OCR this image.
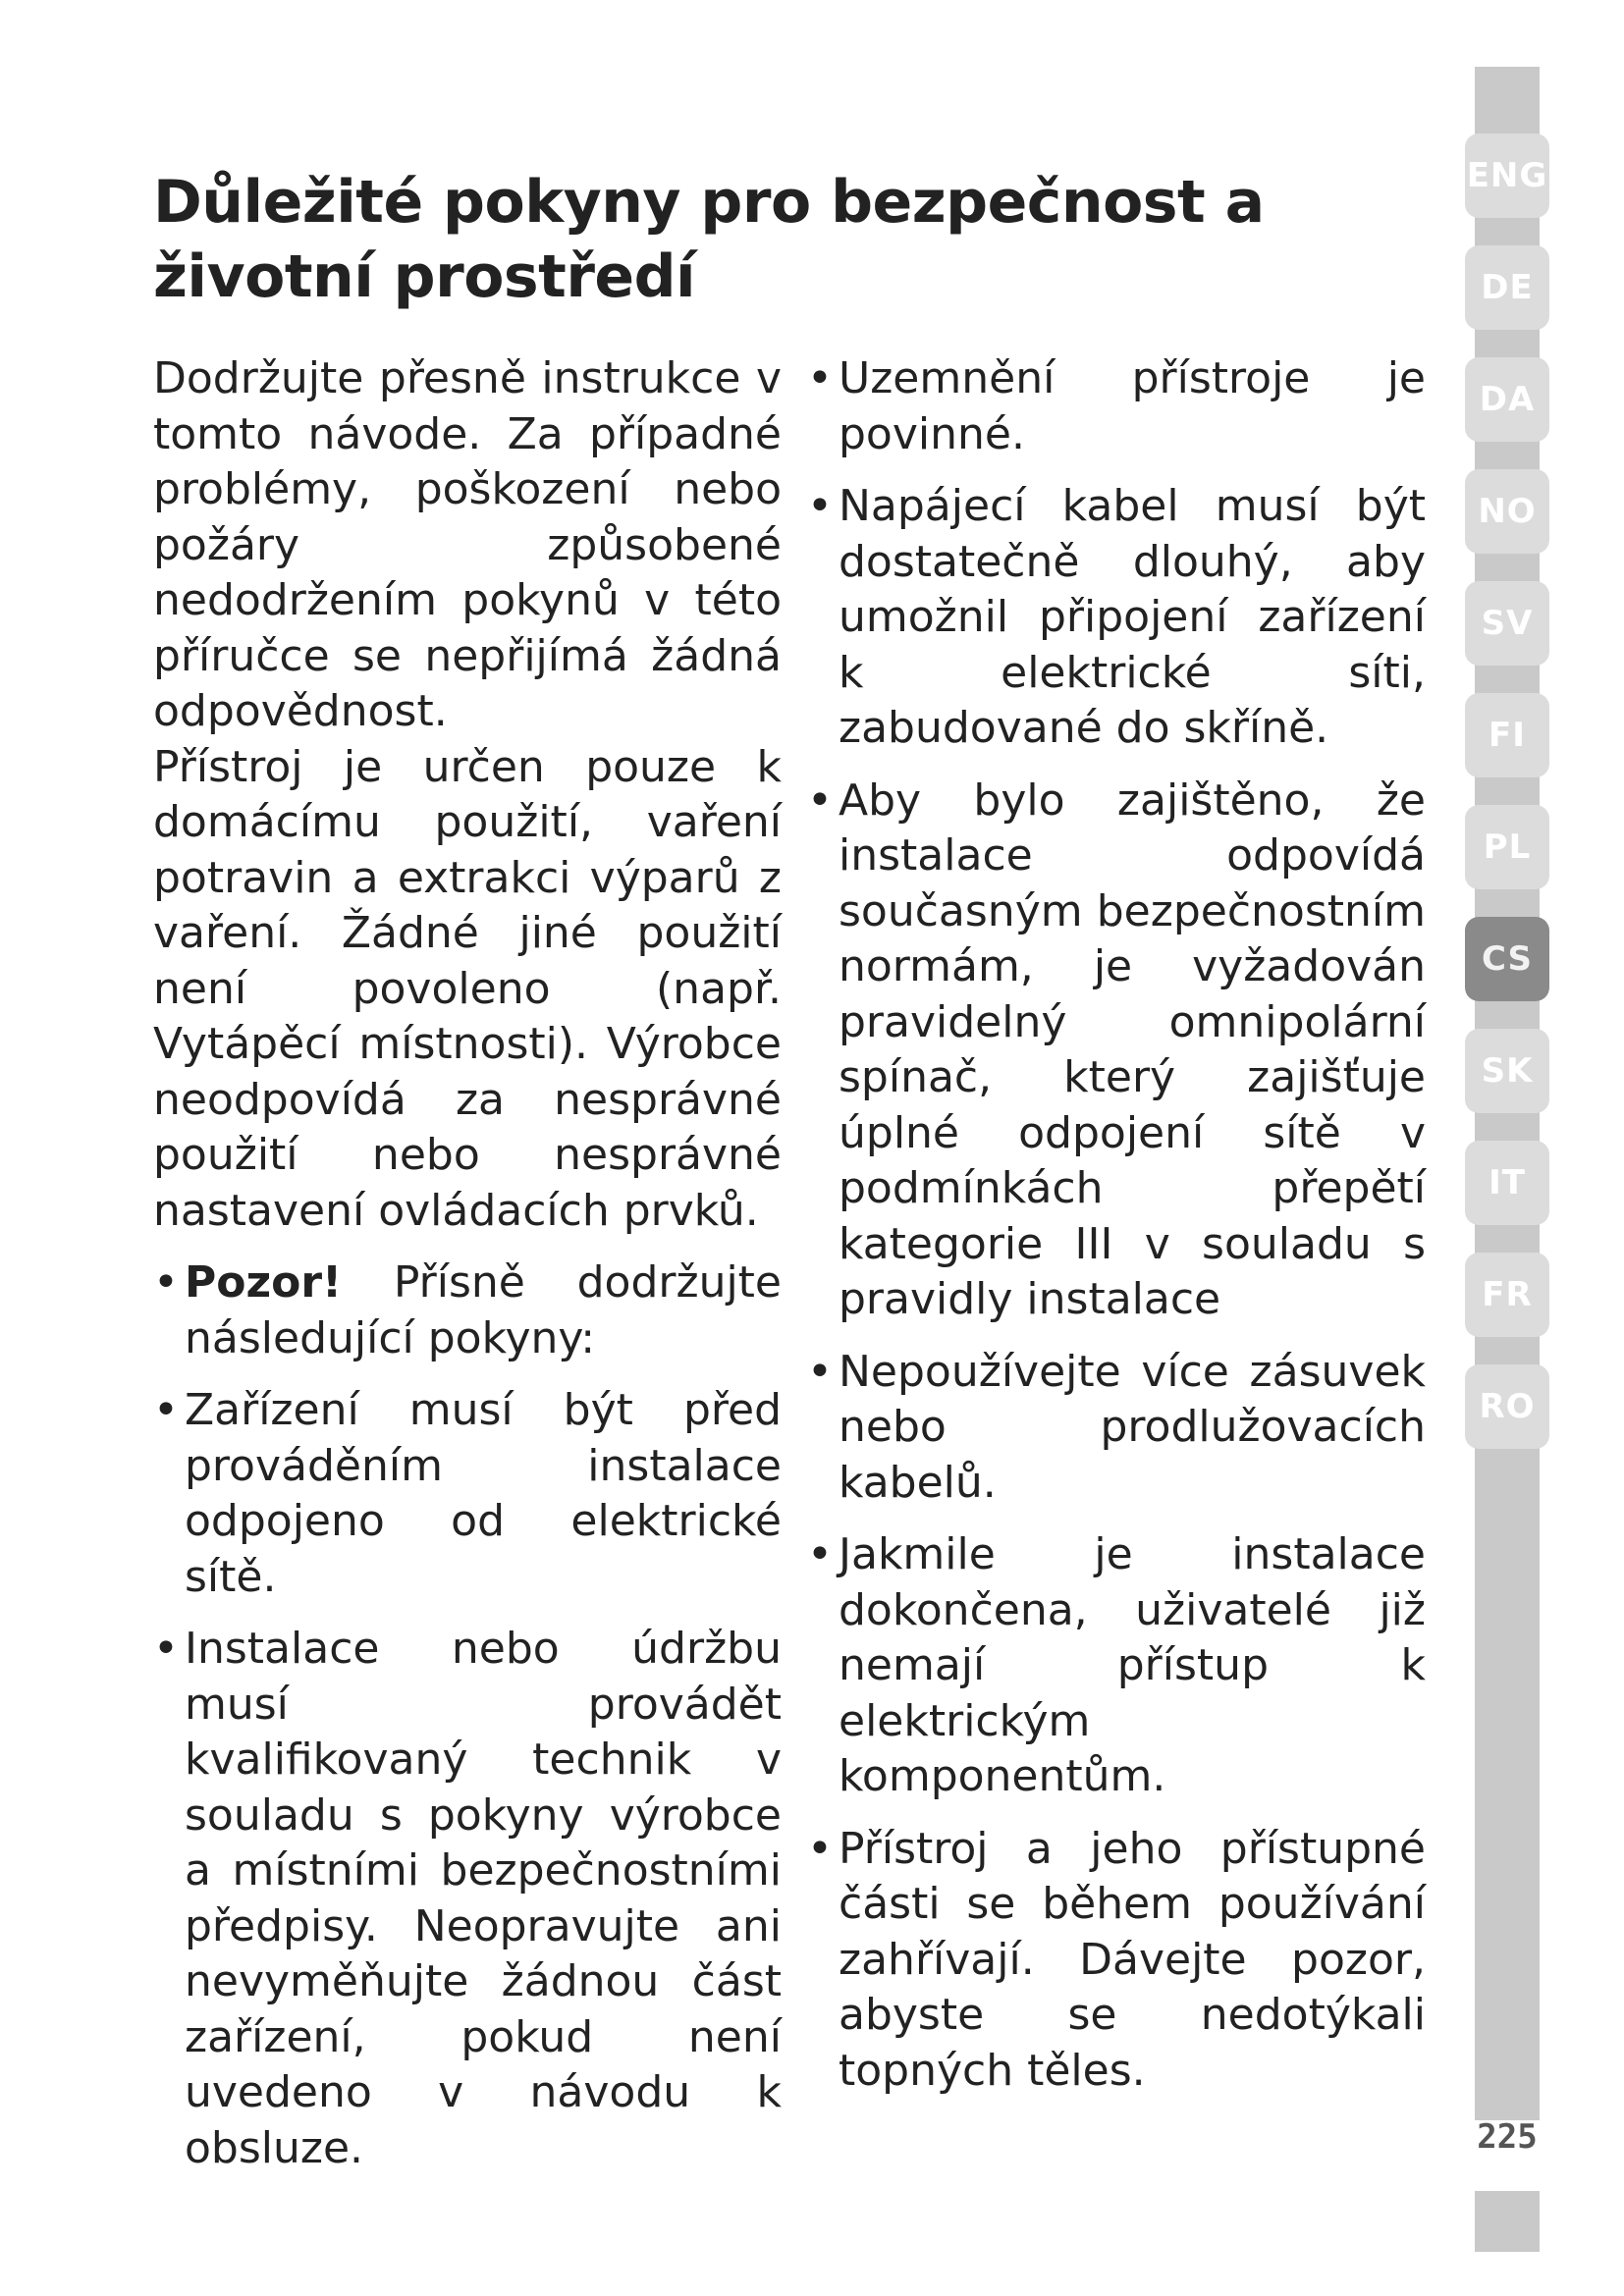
Důležité pokyny pro bezpečnost a životní prostředí

Dodržujte přesně instrukce v tomto návode. Za případné problémy, poškození nebo požáry způsobené nedodržením pokynů v této příručce se nepřijímá žádná odpovědnost.

Přístroj je určen pouze k domácímu použití, vaření potravin a extrakci výparů z vaření. Žádné jiné použití není povoleno (např. Vytápěcí místnosti). Výrobce neodpovídá za nesprávné použití nebo nesprávné nastavení ovládacích prvků.

• Pozor! Přísně dodržujte následující pokyny:
• Zařízení musí být před prováděním instalace odpojeno od elektrické sítě.
• Instalace nebo údržbu musí provádět kvalifikovaný technik v souladu s pokyny výrobce a místními bezpečnostními předpisy. Neopravujte ani nevyměňujte žádnou část zařízení, pokud není uvedeno v návodu k obsluze.
• Uzemnění přístroje je povinné.
• Napájecí kabel musí být dostatečně dlouhý, aby umožnil připojení zařízení k elektrické síti, zabudované do skříně.
• Aby bylo zajištěno, že instalace odpovídá současným bezpečnostním normám, je vyžadován pravidelný omnipolární spínač, který zajišťuje úplné odpojení sítě v podmínkách přepětí kategorie III v souladu s pravidly instalace
• Nepoužívejte více zásuvek nebo prodlužovacích kabelů.
• Jakmile je instalace dokončena, uživatelé již nemají přístup k elektrickým komponentům.
• Přístroj a jeho přístupné části se během používání zahřívají. Dávejte pozor, abyste se nedotýkali topných těles.
ENG
DE
DA
NO
SV
FI
PL
CS
SK
IT
FR
RO
225
